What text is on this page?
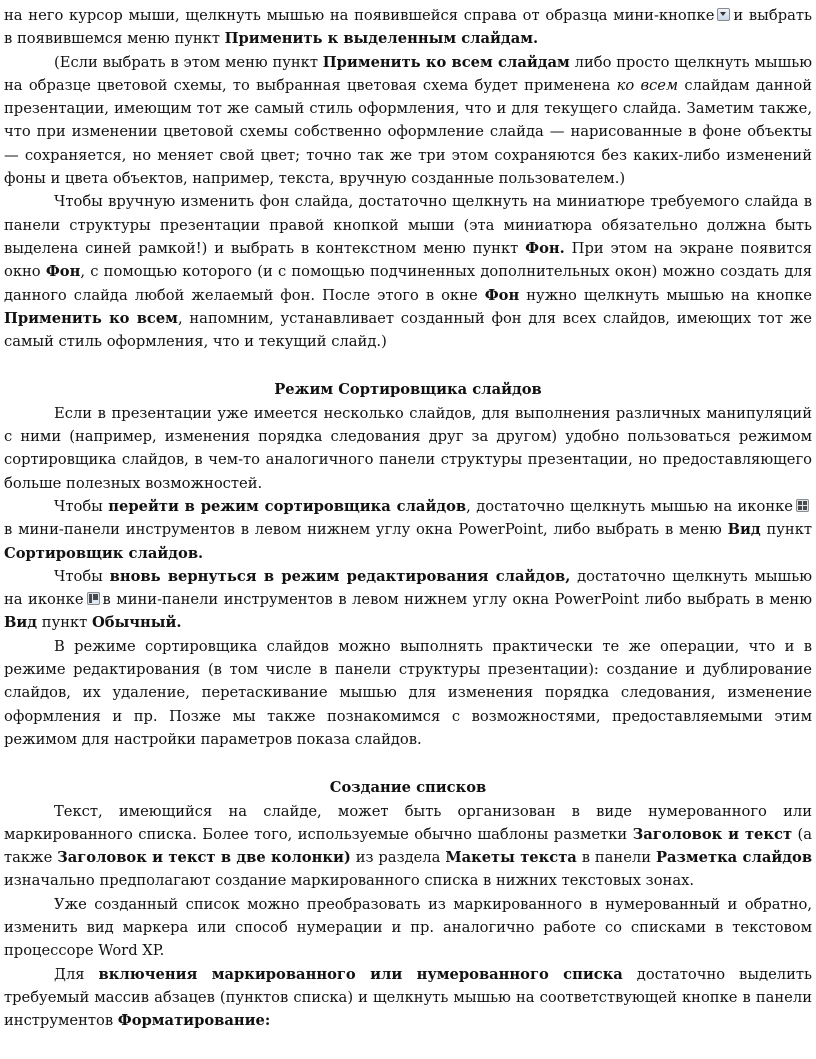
на него курсор мыши, щелкнуть мышью на появившейся справа от образца мини-кнопке и выбрать в появившемся меню пункт Применить к выделенным слайдам.

(Если выбрать в этом меню пункт Применить ко всем слайдам либо просто щелкнуть мышью на образце цветовой схемы, то выбранная цветовая схема будет применена ко всем слайдам данной презентации, имеющим тот же самый стиль оформления, что и для текущего слайда. Заметим также, что при изменении цветовой схемы собственно оформление слайда — нарисованные в фоне объекты — сохраняется, но меняет свой цвет; точно так же три этом сохраняются без каких-либо изменений фоны и цвета объектов, например, текста, вручную созданные пользователем.)

Чтобы вручную изменить фон слайда, достаточно щелкнуть на миниатюре требуемого слайда в панели структуры презентации правой кнопкой мыши (эта миниатюра обязательно должна быть выделена синей рамкой!) и выбрать в контекстном меню пункт Фон. При этом на экране появится окно Фон, с помощью которого (и с помощью подчиненных дополнительных окон) можно создать для данного слайда любой желаемый фон. После этого в окне Фон нужно щелкнуть мышью на кнопке Применить ко всем, напомним, устанавливает созданный фон для всех слайдов, имеющих тот же самый стиль оформления, что и текущий слайд.)

Режим Сортировщика слайдов

Если в презентации уже имеется несколько слайдов, для выполнения различных манипуляций с ними (например, изменения порядка следования друг за другом) удобно пользоваться режимом сортировщика слайдов, в чем-то аналогичного панели структуры презентации, но предоставляющего больше полезных возможностей.

Чтобы перейти в режим сортировщика слайдов, достаточно щелкнуть мышью на иконкев мини-панели инструментов в левом нижнем углу окна PowerPoint, либо выбрать в меню Вид пункт Сортировщик слайдов.

Чтобы вновь вернуться в режим редактирования слайдов, достаточно щелкнуть мышью на иконке в мини-панели инструментов в левом нижнем углу окна PowerPoint либо выбрать в меню Вид пункт Обычный.

В режиме сортировщика слайдов можно выполнять практически те же операции, что и в режиме редактирования (в том числе в панели структуры презентации): создание и дублирование слайдов, их удаление, перетаскивание мышью для изменения порядка следования, изменение оформления и пр. Позже мы также познакомимся с возможностями, предоставляемыми этим режимом для настройки параметров показа слайдов.

Создание списков

Текст, имеющийся на слайде, может быть организован в виде нумерованного или маркированного списка. Более того, используемые обычно шаблоны разметки Заголовок и текст (а также Заголовок и текст в две колонки) из раздела Макеты текста в панели Разметка слайдов изначально предполагают создание маркированного списка в нижних текстовых зонах.

Уже созданный список можно преобразовать из маркированного в нумерованный и обратно, изменить вид маркера или способ нумерации и пр. аналогично работе со списками в текстовом процессоре Word XP.

Для включения маркированного или нумерованного списка достаточно выделить требуемый массив абзацев (пунктов списка) и щелкнуть мышью на соответствующей кнопке в панели инструментов Форматирование:
